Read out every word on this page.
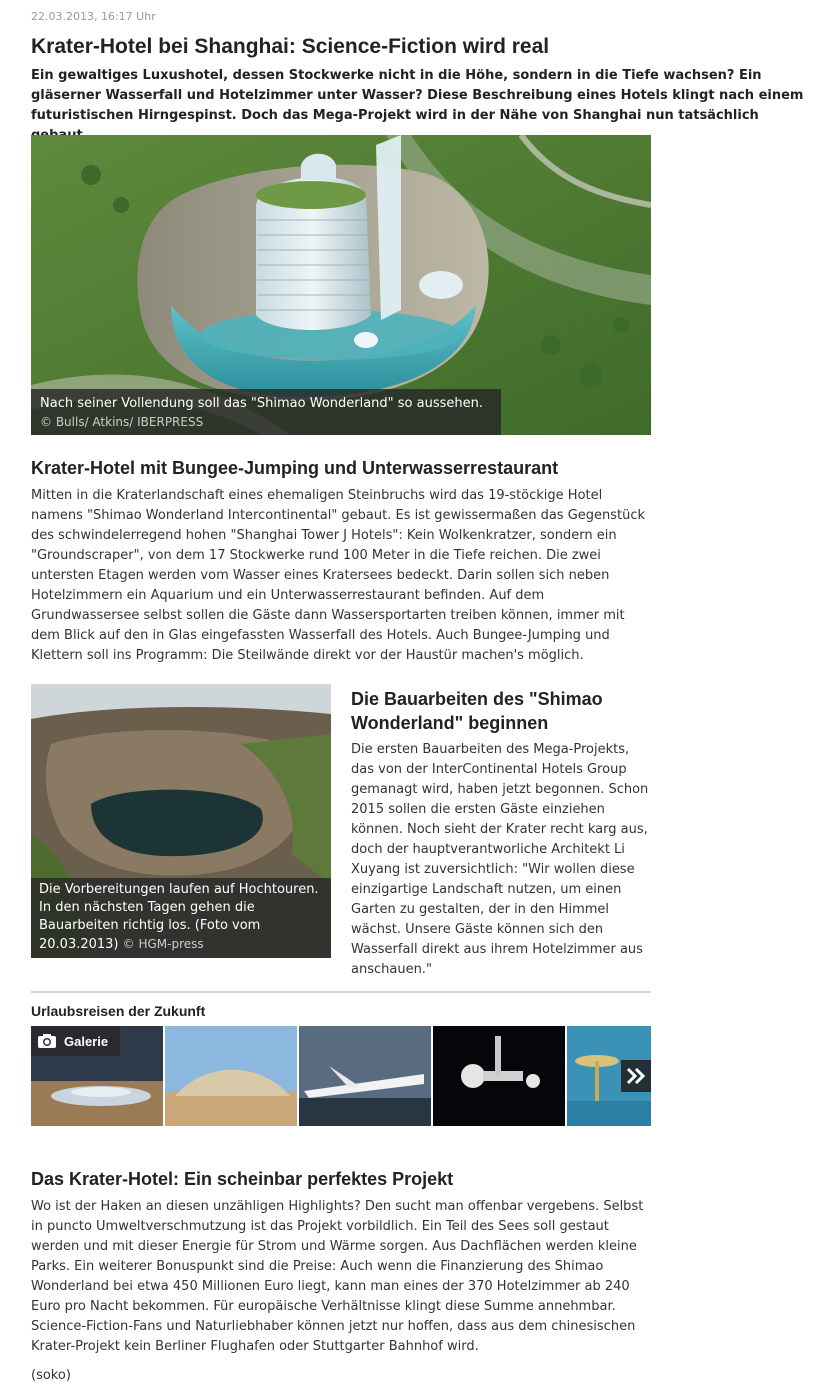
22.03.2013, 16:17 Uhr
Krater-Hotel bei Shanghai: Science-Fiction wird real

Ein gewaltiges Luxushotel, dessen Stockwerke nicht in die Höhe, sondern in die Tiefe wachsen? Ein gläserner Wasserfall und Hotelzimmer unter Wasser? Diese Beschreibung eines Hotels klingt nach einem futuristischen Hirngespinst. Doch das Mega-Projekt wird in der Nähe von Shanghai nun tatsächlich

Nach seiner Vollendung soll das "Shimao Wonderland" so aussehen.
© Bulls/ Atkins/ IBERPRESS
Krater-Hotel mit Bungee-Jumping und Unterwasserrestaurant

Mitten in die Kraterlandschaft eines ehemaligen Steinbruchs wird das 19-stöckige Hotel namens "Shimao Wonderland Intercontinental" gebaut. Es ist gewissermaßen das Gegenstück des schwindelerregend hohen "Shanghai Tower J Hotels": Kein Wolkenkratzer, sondern ein "Groundscraper", von dem 17 Stockwerke rund 100 Meter in die Tiefe reichen. Die zwei untersten Etagen werden vom Wasser eines Kratersees bedeckt. Darin sollen sich neben Hotelzimmern ein Aquarium und ein Unterwasserrestaurant befinden. Auf dem Grundwassersee selbst sollen die Gäste dann Wassersportarten treiben können, immer mit dem Blick auf den in Glas eingefassten Wasserfall des Hotels. Auch Bungee-Jumping und Klettern soll ins Programm: Die Steilwände direkt vor der Haustür machen's möglich.

Die Vorbereitungen laufen auf Hochtouren. In den nächsten Tagen gehen die Bauarbeiten richtig los. (Foto vom 20.03.2013) © HGM-press
Die Bauarbeiten des "Shimao Wonderland" beginnen

Die ersten Bauarbeiten des Mega-Projekts, das von der InterContinental Hotels Group gemanagt wird, haben jetzt begonnen. Schon 2015 sollen die ersten Gäste einziehen können. Noch sieht der Krater recht karg aus, doch der hauptverantworliche Architekt Li Xuyang ist zuversichtlich: "Wir wollen diese einzigartige Landschaft nutzen, um einen Garten zu gestalten, der in den Himmel wächst. Unsere Gäste können sich den Wasserfall direkt aus ihrem Hotelzimmer aus anschauen."

Urlaubsreisen der Zukunft
Galerie
Das Krater-Hotel: Ein scheinbar perfektes Projekt

Wo ist der Haken an diesen unzähligen Highlights? Den sucht man offenbar vergebens. Selbst in puncto Umweltverschmutzung ist das Projekt vorbildlich. Ein Teil des Sees soll gestaut werden und mit dieser Energie für Strom und Wärme sorgen. Aus Dachflächen werden kleine Parks. Ein weiterer Bonuspunkt sind die Preise: Auch wenn die Finanzierung des Shimao Wonderland bei etwa 450 Millionen Euro liegt, kann man eines der 370 Hotelzimmer ab 240 Euro pro Nacht bekommen. Für europäische Verhältnisse klingt diese Summe annehmbar. Science-Fiction-Fans und Naturliebhaber können jetzt nur hoffen, dass aus dem chinesischen Krater-Projekt kein Berliner Flughafen oder Stuttgarter Bahnhof wird.

(soko)
